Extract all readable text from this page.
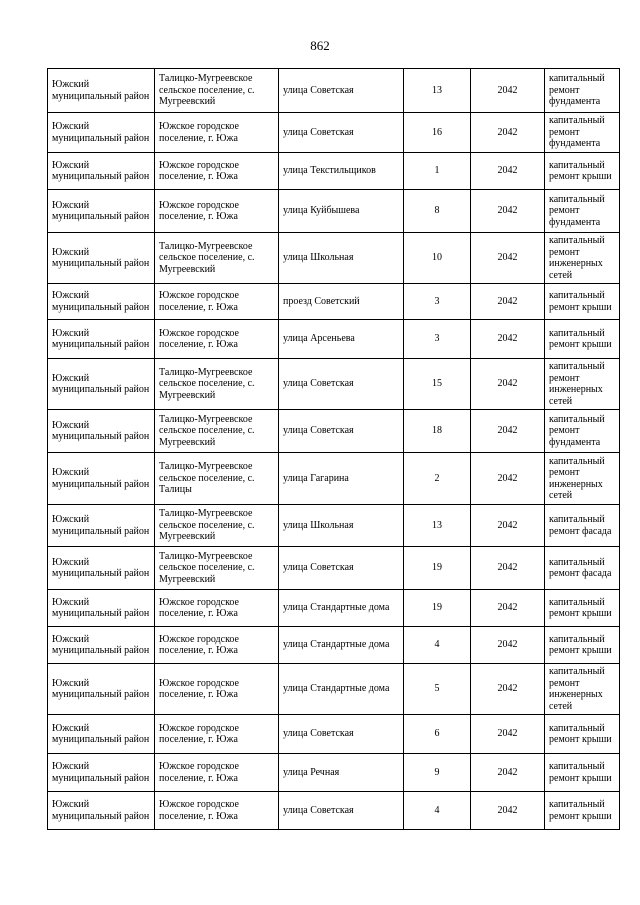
862
Южский муниципальный район	Талицко-Мугреевское сельское поселение, с. Мугреевский	улица Советская	13	2042	капитальный ремонт фундамента
Южский муниципальный район	Южское городское поселение, г. Южа	улица Советская	16	2042	капитальный ремонт фундамента
Южский муниципальный район	Южское городское поселение, г. Южа	улица Текстильщиков	1	2042	капитальный ремонт крыши
Южский муниципальный район	Южское городское поселение, г. Южа	улица Куйбышева	8	2042	капитальный ремонт фундамента
Южский муниципальный район	Талицко-Мугреевское сельское поселение, с. Мугреевский	улица Школьная	10	2042	капитальный ремонт инженерных сетей
Южский муниципальный район	Южское городское поселение, г. Южа	проезд Советский	3	2042	капитальный ремонт крыши
Южский муниципальный район	Южское городское поселение, г. Южа	улица Арсеньева	3	2042	капитальный ремонт крыши
Южский муниципальный район	Талицко-Мугреевское сельское поселение, с. Мугреевский	улица Советская	15	2042	капитальный ремонт инженерных сетей
Южский муниципальный район	Талицко-Мугреевское сельское поселение, с. Мугреевский	улица Советская	18	2042	капитальный ремонт фундамента
Южский муниципальный район	Талицко-Мугреевское сельское поселение, с. Талицы	улица Гагарина	2	2042	капитальный ремонт инженерных сетей
Южский муниципальный район	Талицко-Мугреевское сельское поселение, с. Мугреевский	улица Школьная	13	2042	капитальный ремонт фасада
Южский муниципальный район	Талицко-Мугреевское сельское поселение, с. Мугреевский	улица Советская	19	2042	капитальный ремонт фасада
Южский муниципальный район	Южское городское поселение, г. Южа	улица Стандартные дома	19	2042	капитальный ремонт крыши
Южский муниципальный район	Южское городское поселение, г. Южа	улица Стандартные дома	4	2042	капитальный ремонт крыши
Южский муниципальный район	Южское городское поселение, г. Южа	улица Стандартные дома	5	2042	капитальный ремонт инженерных сетей
Южский муниципальный район	Южское городское поселение, г. Южа	улица Советская	6	2042	капитальный ремонт крыши
Южский муниципальный район	Южское городское поселение, г. Южа	улица Речная	9	2042	капитальный ремонт крыши
Южский муниципальный район	Южское городское поселение, г. Южа	улица Советская	4	2042	капитальный ремонт крыши
